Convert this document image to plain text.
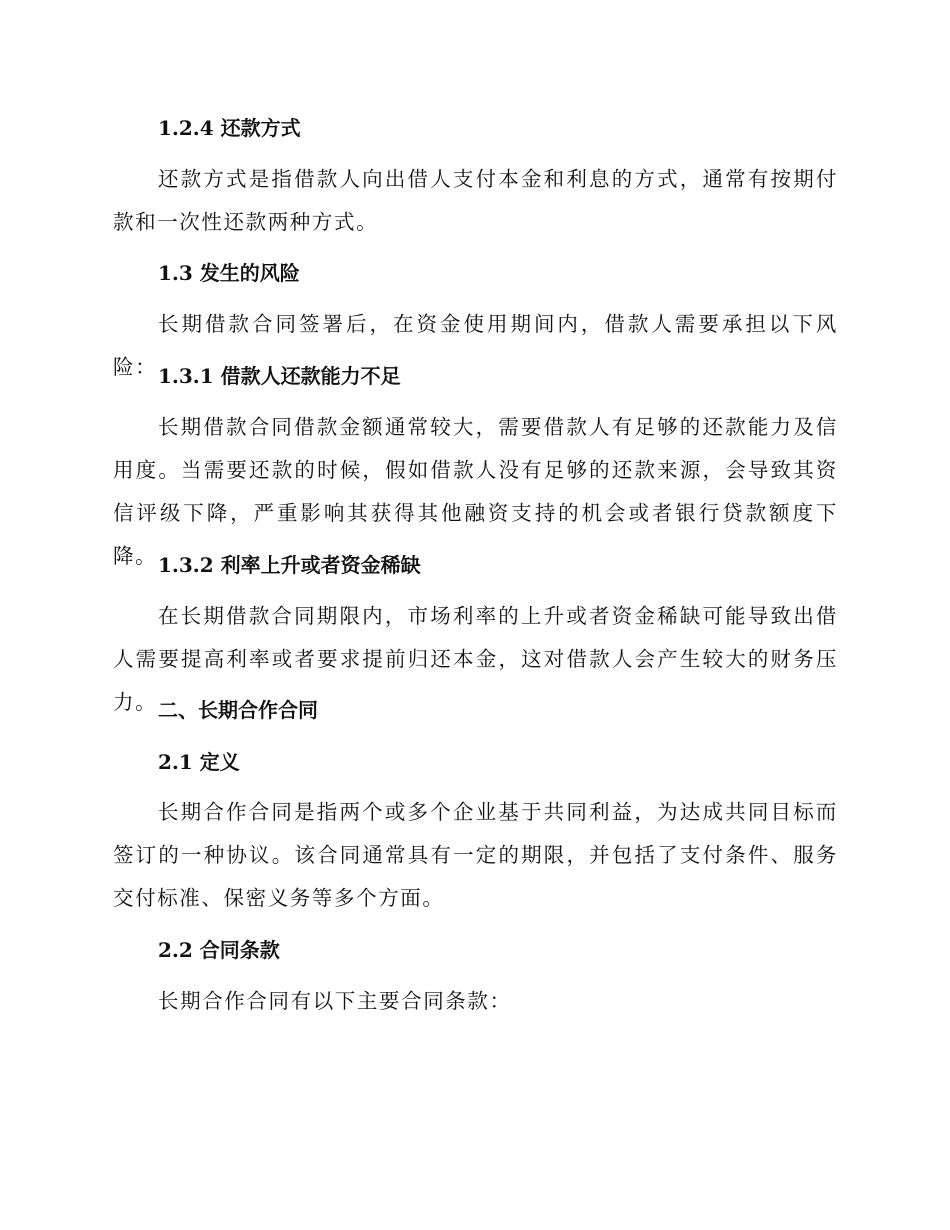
1.2.4 还款方式
还款方式是指借款人向出借人支付本金和利息的方式，通常有按期付款和一次性还款两种方式。
1.3 发生的风险
长期借款合同签署后，在资金使用期间内，借款人需要承担以下风险： 1.3.1 借款人还款能力不足
长期借款合同借款金额通常较大，需要借款人有足够的还款能力及信用度。当需要还款的时候，假如借款人没有足够的还款来源，会导致其资信评级下降，严重影响其获得其他融资支持的机会或者银行贷款额度下降。 1.3.2 利率上升或者资金稀缺
在长期借款合同期限内，市场利率的上升或者资金稀缺可能导致出借人需要提高利率或者要求提前归还本金，这对借款人会产生较大的财务压力。 二、长期合作合同
2.1 定义
长期合作合同是指两个或多个企业基于共同利益，为达成共同目标而签订的一种协议。该合同通常具有一定的期限，并包括了支付条件、服务交付标准、保密义务等多个方面。
2.2 合同条款
长期合作合同有以下主要合同条款：
